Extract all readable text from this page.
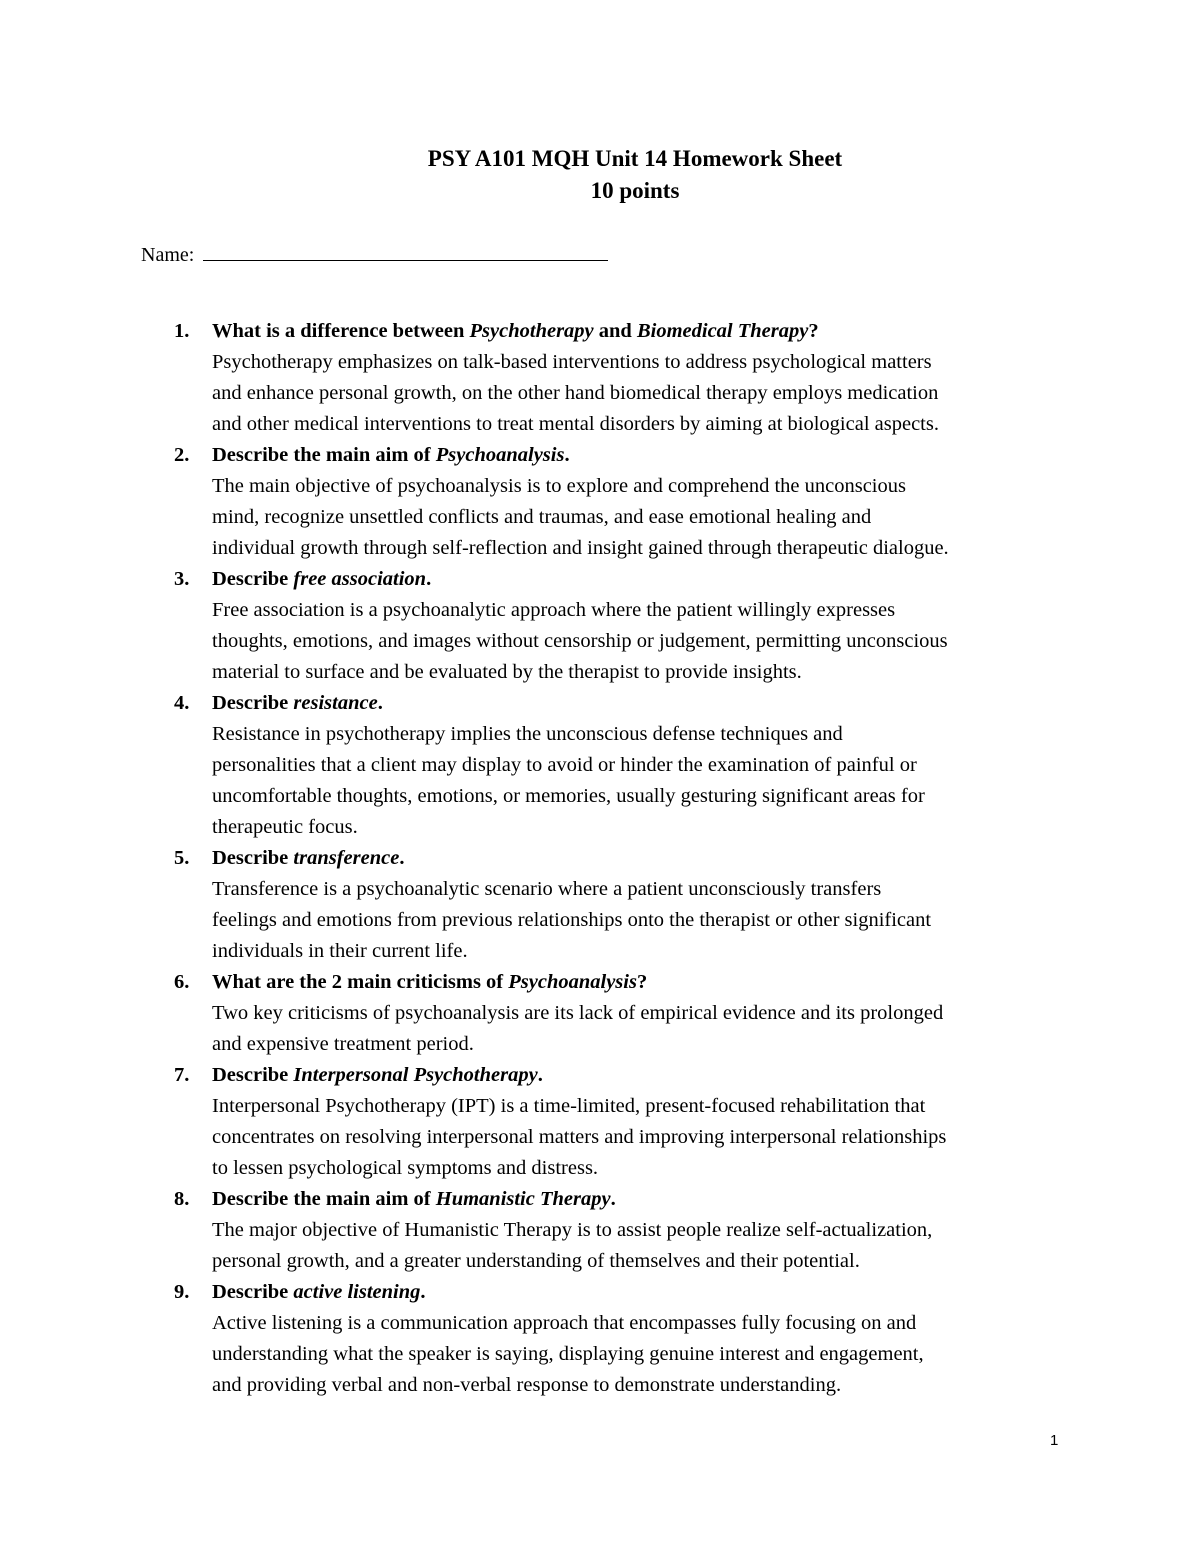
PSY A101 MQH Unit 14 Homework Sheet
10 points
Name:
1. What is a difference between Psychotherapy and Biomedical Therapy?
Psychotherapy emphasizes on talk-based interventions to address psychological matters
and enhance personal growth, on the other hand biomedical therapy employs medication
and other medical interventions to treat mental disorders by aiming at biological aspects.
2. Describe the main aim of Psychoanalysis.
The main objective of psychoanalysis is to explore and comprehend the unconscious
mind, recognize unsettled conflicts and traumas, and ease emotional healing and
individual growth through self-reflection and insight gained through therapeutic dialogue.
3. Describe free association.
Free association is a psychoanalytic approach where the patient willingly expresses
thoughts, emotions, and images without censorship or judgement, permitting unconscious
material to surface and be evaluated by the therapist to provide insights.
4. Describe resistance.
Resistance in psychotherapy implies the unconscious defense techniques and
personalities that a client may display to avoid or hinder the examination of painful or
uncomfortable thoughts, emotions, or memories, usually gesturing significant areas for
therapeutic focus.
5. Describe transference.
Transference is a psychoanalytic scenario where a patient unconsciously transfers
feelings and emotions from previous relationships onto the therapist or other significant
individuals in their current life.
6. What are the 2 main criticisms of Psychoanalysis?
Two key criticisms of psychoanalysis are its lack of empirical evidence and its prolonged
and expensive treatment period.
7. Describe Interpersonal Psychotherapy.
Interpersonal Psychotherapy (IPT) is a time-limited, present-focused rehabilitation that
concentrates on resolving interpersonal matters and improving interpersonal relationships
to lessen psychological symptoms and distress.
8. Describe the main aim of Humanistic Therapy.
The major objective of Humanistic Therapy is to assist people realize self-actualization,
personal growth, and a greater understanding of themselves and their potential.
9. Describe active listening.
Active listening is a communication approach that encompasses fully focusing on and
understanding what the speaker is saying, displaying genuine interest and engagement,
and providing verbal and non-verbal response to demonstrate understanding.
1
